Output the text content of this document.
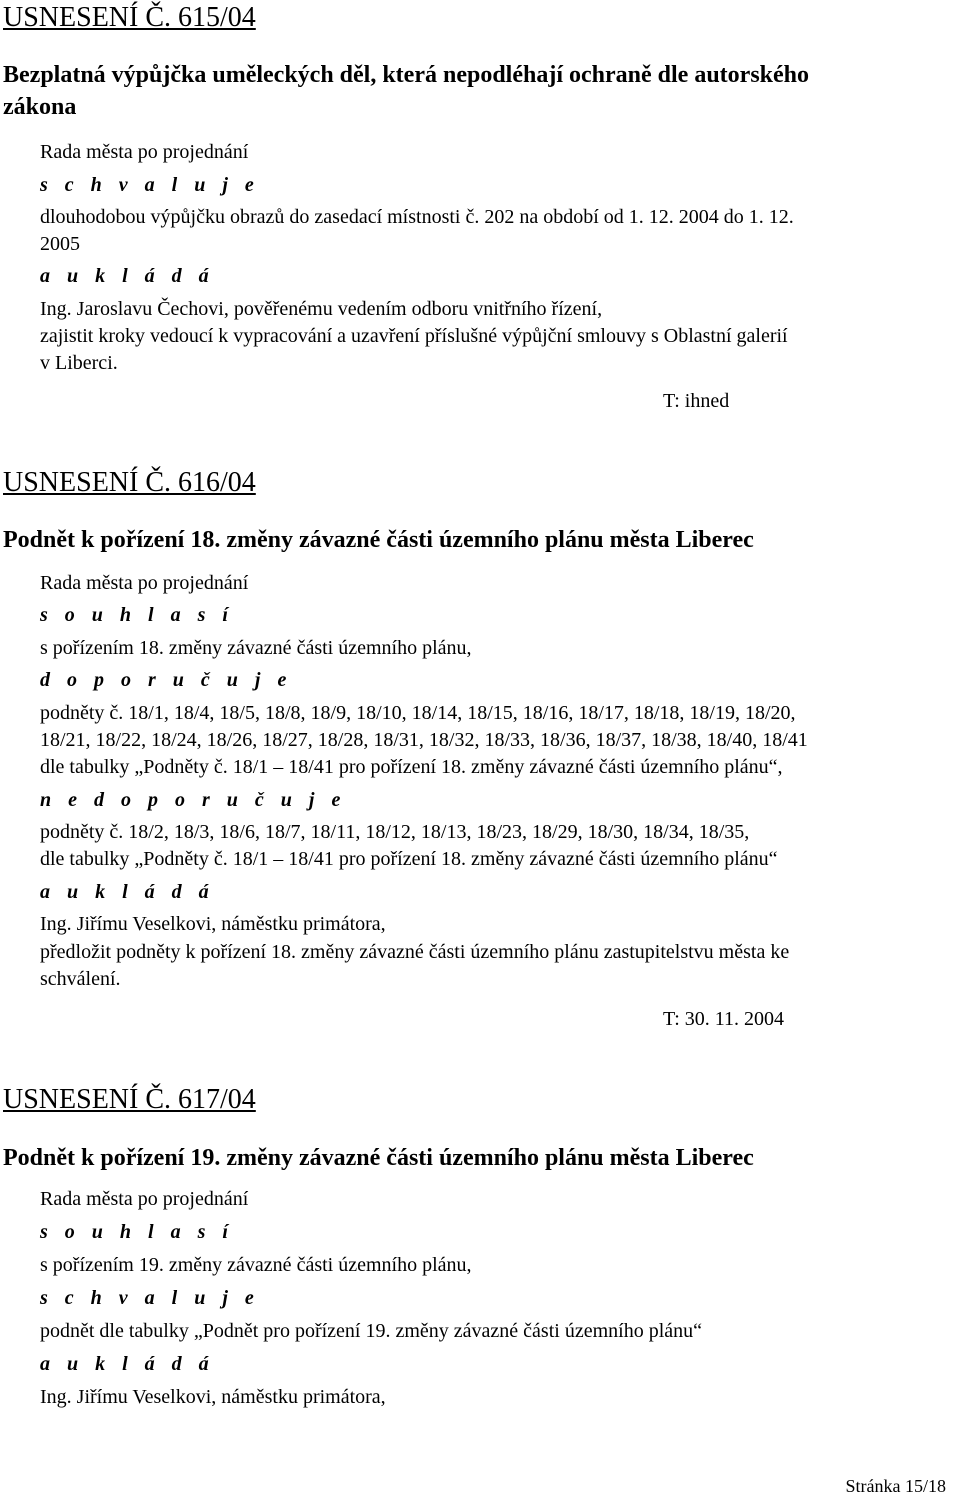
USNESENÍ Č. 615/04
Bezplatná výpůjčka uměleckých děl, která nepodléhají ochraně dle autorského
zákona
Rada města po projednání
s c h v a l u j e
dlouhodobou výpůjčku obrazů do zasedací místnosti č. 202 na období od 1. 12. 2004 do 1. 12.
2005
a u k l á d á
Ing. Jaroslavu Čechovi, pověřenému vedením odboru vnitřního řízení,
zajistit kroky vedoucí k vypracování a uzavření příslušné výpůjční smlouvy s Oblastní galerií
v Liberci.
T: ihned
USNESENÍ Č. 616/04
Podnět k pořízení 18. změny závazné části územního plánu města Liberec
Rada města po projednání
s o u h l a s í
s pořízením 18. změny závazné části územního plánu,
d o p o r u č u j e
podněty č. 18/1, 18/4, 18/5, 18/8, 18/9, 18/10, 18/14, 18/15, 18/16, 18/17, 18/18, 18/19, 18/20,
18/21, 18/22, 18/24, 18/26, 18/27, 18/28, 18/31, 18/32, 18/33, 18/36, 18/37, 18/38, 18/40, 18/41
dle tabulky „Podněty č. 18/1 – 18/41 pro pořízení 18. změny závazné části územního plánu“,
n e d o p o r u č u j e
podněty č. 18/2, 18/3, 18/6, 18/7, 18/11, 18/12, 18/13, 18/23, 18/29, 18/30, 18/34, 18/35,
dle tabulky „Podněty č. 18/1 – 18/41 pro pořízení 18. změny závazné části územního plánu“
a u k l á d á
Ing. Jiřímu Veselkovi, náměstku primátora,
předložit podněty k pořízení 18. změny závazné části územního plánu zastupitelstvu města ke
schválení.
T: 30. 11. 2004
USNESENÍ Č. 617/04
Podnět k pořízení 19. změny závazné části územního plánu města Liberec
Rada města po projednání
s o u h l a s í
s pořízením 19. změny závazné části územního plánu,
s c h v a l u j e
podnět dle tabulky „Podnět pro pořízení 19. změny závazné části územního plánu“
a u k l á d á
Ing. Jiřímu Veselkovi, náměstku primátora,
Stránka 15/18
